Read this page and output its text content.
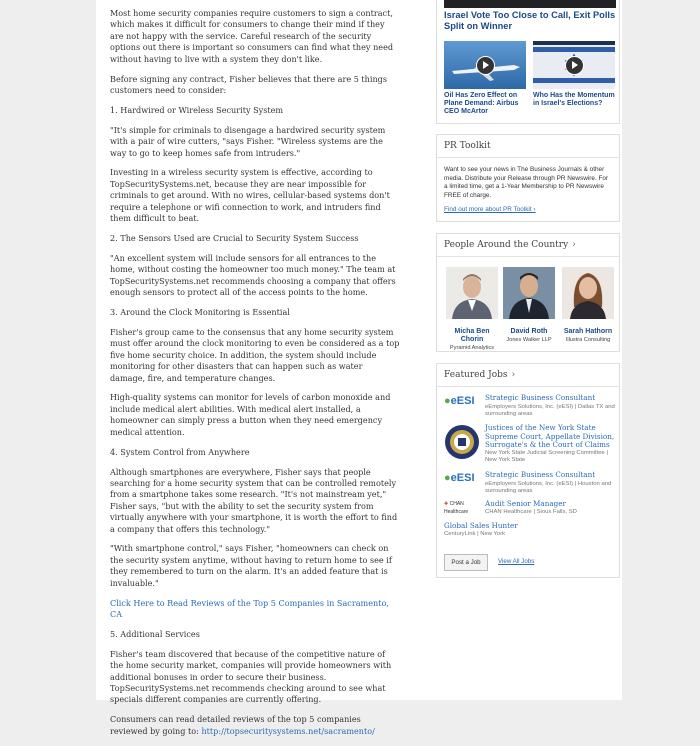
Most home security companies require customers to sign a contract, which makes it difficult for consumers to change their mind if they are not happy with the service. Careful research of the security options out there is important so consumers can find what they need without having to live with a system they don't like.

Before signing any contract, Fisher believes that there are 5 things customers need to consider:

1. Hardwired or Wireless Security System

"It's simple for criminals to disengage a hardwired security system with a pair of wire cutters, "says Fisher. "Wireless systems are the way to go to keep homes safe from intruders."

Investing in a wireless security system is effective, according to TopSecuritySystems.net, because they are near impossible for criminals to get around. With no wires, cellular-based systems don't require a telephone or wifi connection to work, and intruders find them difficult to beat.

2. The Sensors Used are Crucial to Security System Success

"An excellent system will include sensors for all entrances to the home, without costing the homeowner too much money." The team at TopSecuritySystems.net recommends choosing a company that offers enough sensors to protect all of the access points to the home.

3. Around the Clock Monitoring is Essential

Fisher's group came to the consensus that any home security system must offer around the clock monitoring to even be considered as a top five home security choice. In addition, the system should include monitoring for other disasters that can happen such as water damage, fire, and temperature changes.

High-quality systems can monitor for levels of carbon monoxide and include medical alert abilities. With medical alert installed, a homeowner can simply press a button when they need emergency medical attention.

4. System Control from Anywhere

Although smartphones are everywhere, Fisher says that people searching for a home security system that can be controlled remotely from a smartphone takes some research. "It's not mainstream yet," Fisher says, "but with the ability to set the security system from virtually anywhere with your smartphone, it is worth the effort to find a company that offers this technology."

"With smartphone control," says Fisher, "homeowners can check on the security system anytime, without having to return home to see if they remembered to turn on the alarm. It's an added feature that is invaluable."

Click Here to Read Reviews of the Top 5 Companies in Sacramento, CA

5. Additional Services

Fisher's team discovered that because of the competitive nature of the home security market, companies will provide homeowners with additional bonuses in order to secure their business. TopSecuritySystems.net recommends checking around to see what specials different companies are currently offering.

Consumers can read detailed reviews of the top 5 companies reviewed by going to: http://topsecuritysystems.net/sacramento/

Israel Vote Too Close to Call, Exit Polls Split on Winner
Oil Has Zero Effect on Plane Demand: Airbus CEO McArtor
Who Has the Momentum in Israel's Elections?
PR Toolkit
Want to see your news in The Business Journals & other media. Distribute your Release through PR Newswire. For a limited time, get a 1-Year Membership to PR Newswire FREE of charge.
Find out more about PR Toolkit ›
People Around the Country ›
Micha Ben Chorin
Pyramid Analytics
David Roth
Jones Walker LLP
Sarah Hathorn
Illustra Consulting
Featured Jobs ›
●eESI	Strategic Business Consultant
eEmployers Solutions, Inc. (eESI) | Dallas TX and surrounding areas
Justices of the New York State Supreme Court, Appellate Division, Surrogate's & the Court of Claims
New York State Judicial Screening Committee | New York State
●eESI	Strategic Business Consultant
eEmployers Solutions, Inc. (eESI) | Houston and surrounding areas
✚ CHAN Healthcare
Audit Senior Manager
CHAN Healthcare | Sioux Falls, SD
Global Sales Hunter
CenturyLink | New York
Post a Job	View All Jobs
